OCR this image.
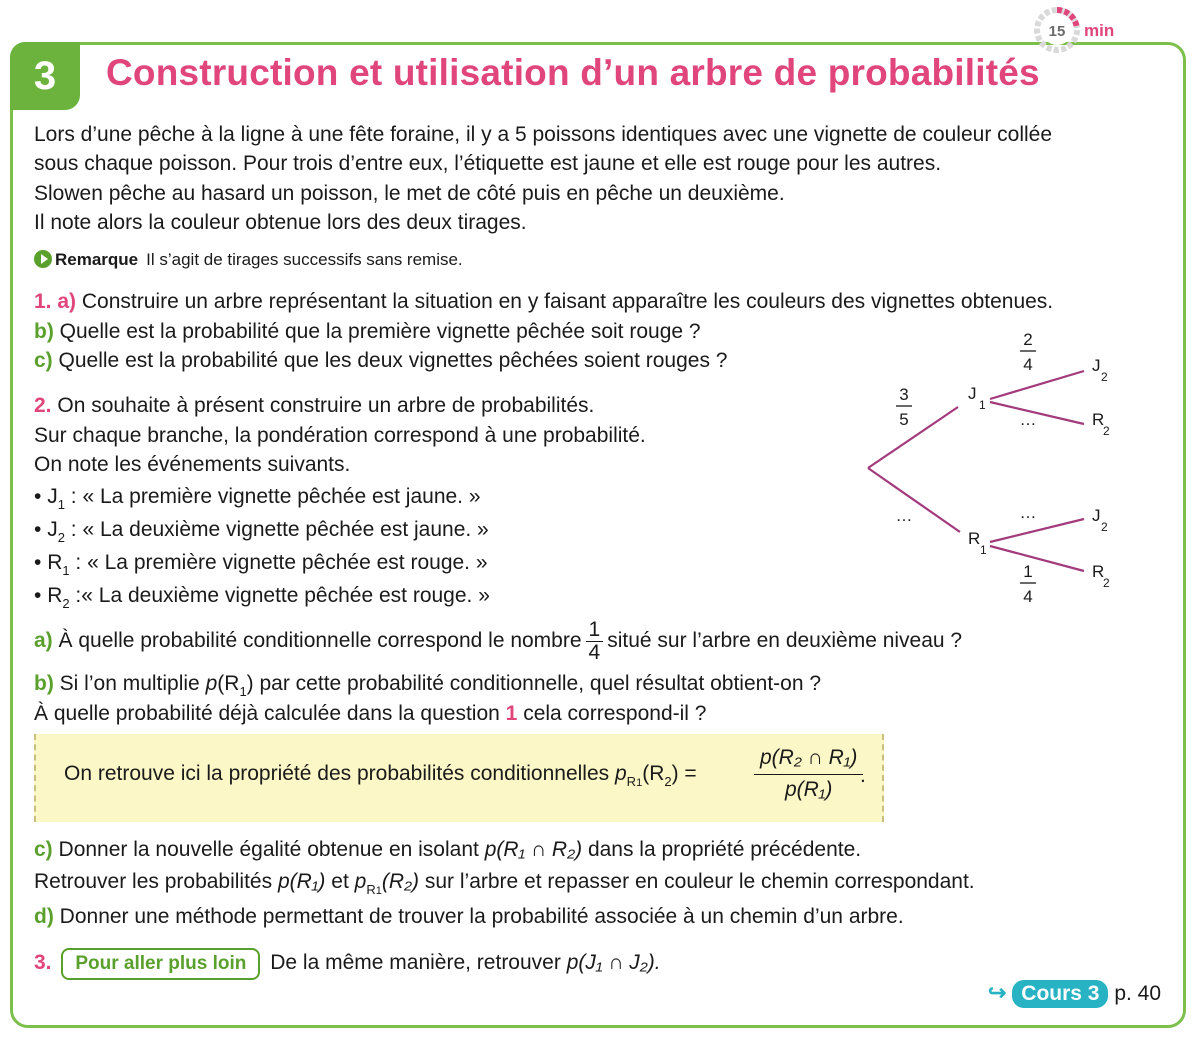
3	Construction et utilisation d’un arbre de probabilités
15 min
Lors d’une pêche à la ligne à une fête foraine, il y a 5 poissons identiques avec une vignette de couleur collée
sous chaque poisson. Pour trois d’entre eux, l’étiquette est jaune et elle est rouge pour les autres.
Slowen pêche au hasard un poisson, le met de côté puis en pêche un deuxième.
Il note alors la couleur obtenue lors des deux tirages.
Remarque Il s’agit de tirages successifs sans remise.
1. a) Construire un arbre représentant la situation en y faisant apparaître les couleurs des vignettes obtenues.
b) Quelle est la probabilité que la première vignette pêchée soit rouge ?
c) Quelle est la probabilité que les deux vignettes pêchées soient rouges ?
2. On souhaite à présent construire un arbre de probabilités.
Sur chaque branche, la pondération correspond à une probabilité.
On note les événements suivants.
• $J_1$ : « La première vignette pêchée est jaune. »
• $J_2$ : « La deuxième vignette pêchée est jaune. »
• $R_1$ : « La première vignette pêchée est rouge. »
• $R_2$ :« La deuxième vignette pêchée est rouge. »
a) À quelle probabilité conditionnelle correspond le nombre $\frac{1}{4}$ situé sur l’arbre en deuxième niveau ?
b) Si l’on multiplie $p(R_1)$ par cette probabilité conditionnelle, quel résultat obtient-on ?
À quelle probabilité déjà calculée dans la question 1 cela correspond-il ?
On retrouve ici la propriété des probabilités conditionnelles $p_{R1}(R_2)$ =	$\frac{\text{p(R₂ ∩ R₁)}}{\text{p(R₁)}}$
.
c) Donner la nouvelle égalité obtenue en isolant p(R₁ ∩ R₂) dans la propriété précédente.
Retrouver les probabilités p(R₁) et $p_{R1}(R_2)$ sur l’arbre et repasser en couleur le chemin correspondant.
d) Donner une méthode permettant de trouver la probabilité associée à un chemin d’un arbre.
3. Pour aller plus loin De la même manière, retrouver p(J₁ ∩ J₂).
↪ Cours 3 p. 40
3
5
…
J
1
R
1
2
4
…
…
1
4
J
2
R
2
J
2
R
2
